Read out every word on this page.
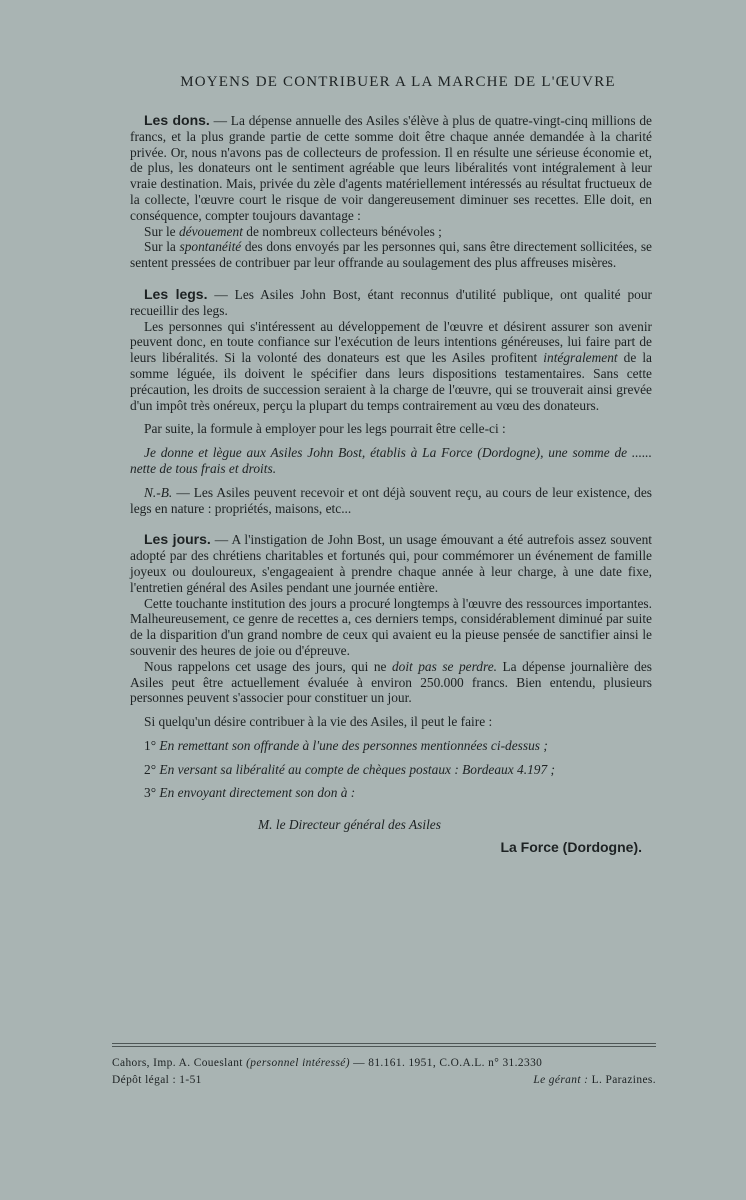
MOYENS DE CONTRIBUER A LA MARCHE DE L'ŒUVRE

Les dons. — La dépense annuelle des Asiles s'élève à plus de quatre-vingt-cinq millions de francs, et la plus grande partie de cette somme doit être chaque année demandée à la charité privée. Or, nous n'avons pas de collecteurs de profession. Il en résulte une sérieuse économie et, de plus, les donateurs ont le sentiment agréable que leurs libéralités vont intégralement à leur vraie destination. Mais, privée du zèle d'agents matériellement intéressés au résultat fructueux de la collecte, l'œuvre court le risque de voir dangereusement diminuer ses recettes. Elle doit, en conséquence, compter toujours davantage :

Sur le dévouement de nombreux collecteurs bénévoles ;

Sur la spontanéité des dons envoyés par les personnes qui, sans être directement sollicitées, se sentent pressées de contribuer par leur offrande au soulagement des plus affreuses misères.

Les legs. — Les Asiles John Bost, étant reconnus d'utilité publique, ont qualité pour recueillir des legs.

Les personnes qui s'intéressent au développement de l'œuvre et désirent assurer son avenir peuvent donc, en toute confiance sur l'exécution de leurs intentions généreuses, lui faire part de leurs libéralités. Si la volonté des donateurs est que les Asiles profitent intégralement de la somme léguée, ils doivent le spécifier dans leurs dispositions testamentaires. Sans cette précaution, les droits de succession seraient à la charge de l'œuvre, qui se trouverait ainsi grevée d'un impôt très onéreux, perçu la plupart du temps contrairement au vœu des donateurs.

Par suite, la formule à employer pour les legs pourrait être celle-ci :

Je donne et lègue aux Asiles John Bost, établis à La Force (Dordogne), une somme de ...... nette de tous frais et droits.

N.-B. — Les Asiles peuvent recevoir et ont déjà souvent reçu, au cours de leur existence, des legs en nature : propriétés, maisons, etc...

Les jours. — A l'instigation de John Bost, un usage émouvant a été autrefois assez souvent adopté par des chrétiens charitables et fortunés qui, pour commémorer un événement de famille joyeux ou douloureux, s'engageaient à prendre chaque année à leur charge, à une date fixe, l'entretien général des Asiles pendant une journée entière.

Cette touchante institution des jours a procuré longtemps à l'œuvre des ressources importantes. Malheureusement, ce genre de recettes a, ces derniers temps, considérablement diminué par suite de la disparition d'un grand nombre de ceux qui avaient eu la pieuse pensée de sanctifier ainsi le souvenir des heures de joie ou d'épreuve.

Nous rappelons cet usage des jours, qui ne doit pas se perdre. La dépense journalière des Asiles peut être actuellement évaluée à environ 250.000 francs. Bien entendu, plusieurs personnes peuvent s'associer pour constituer un jour.

Si quelqu'un désire contribuer à la vie des Asiles, il peut le faire :

1° En remettant son offrande à l'une des personnes mentionnées ci-dessus ;

2° En versant sa libéralité au compte de chèques postaux : Bordeaux 4.197 ;

3° En envoyant directement son don à :

M. le Directeur général des Asiles
La Force (Dordogne).
Cahors, Imp. A. Coueslant (personnel intéressé) — 81.161. 1951, C.O.A.L. n° 31.2330
Dépôt légal : 1-51	Le gérant : L. Parazines.
